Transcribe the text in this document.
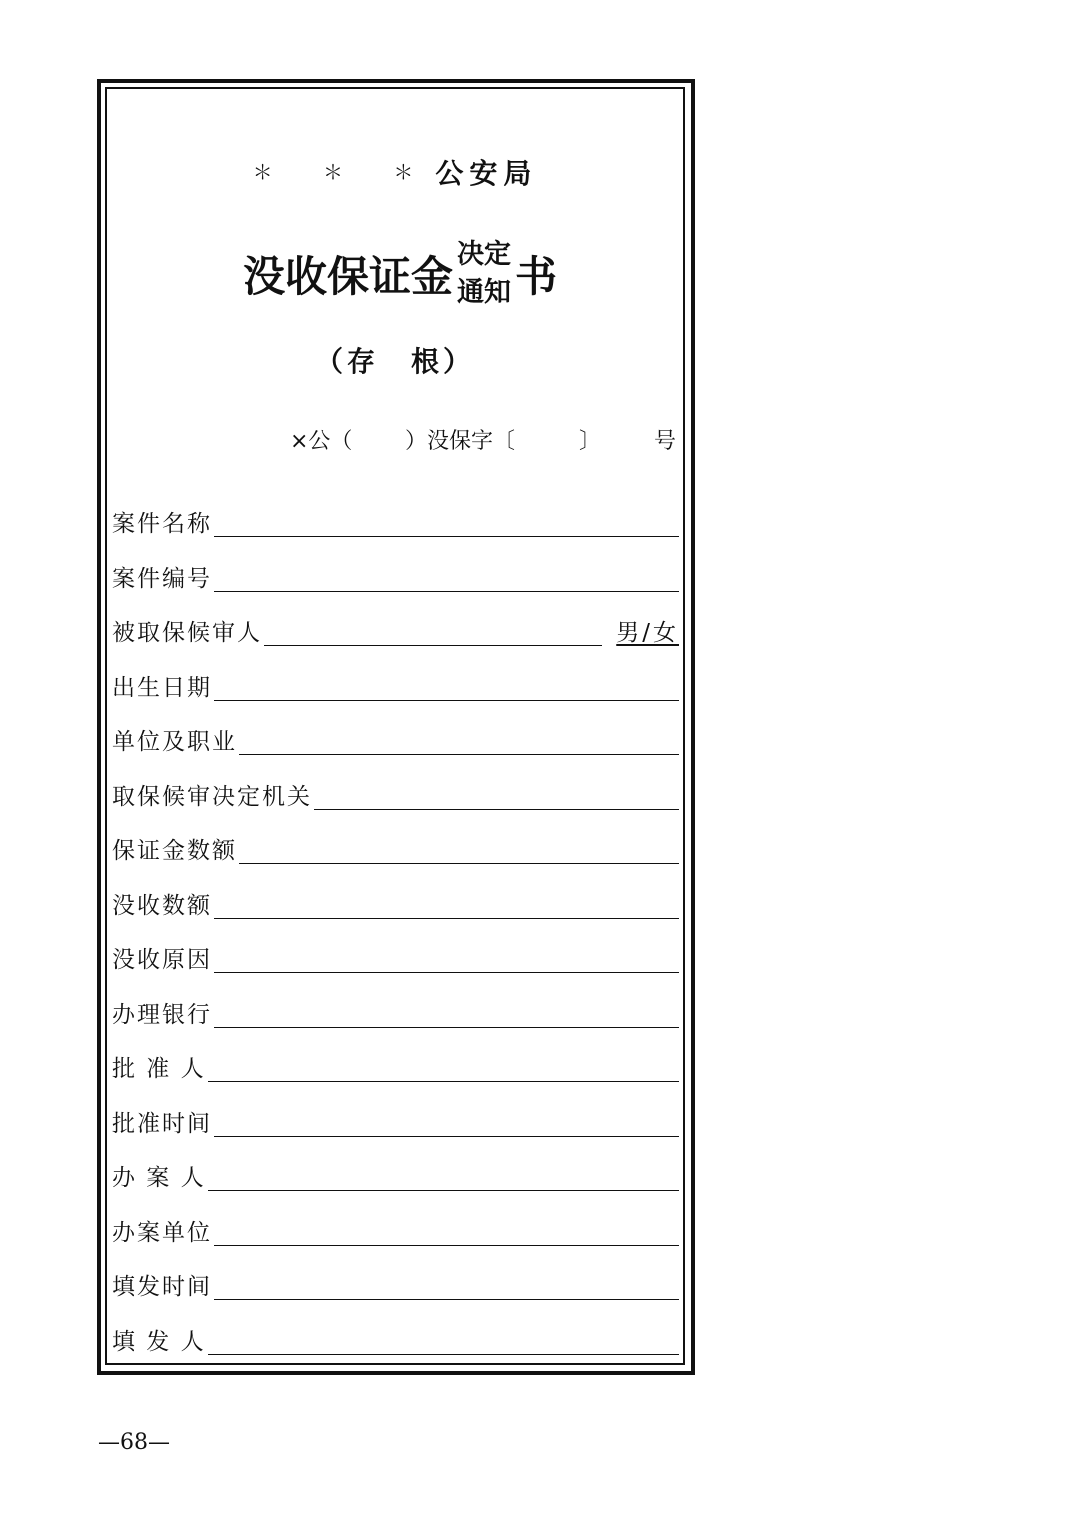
＊ ＊ ＊公安局
没收保证金 决定
通知 书
（存　根）
×公（ ）没保字〔	〕 号
案件名称
案件编号
被取保候审人	男/女
出生日期
单位及职业
取保候审决定机关
保证金数额
没收数额
没收原因
办理银行
批 准 人
批准时间
办 案 人
办案单位
填发时间
填 发 人
—68—
